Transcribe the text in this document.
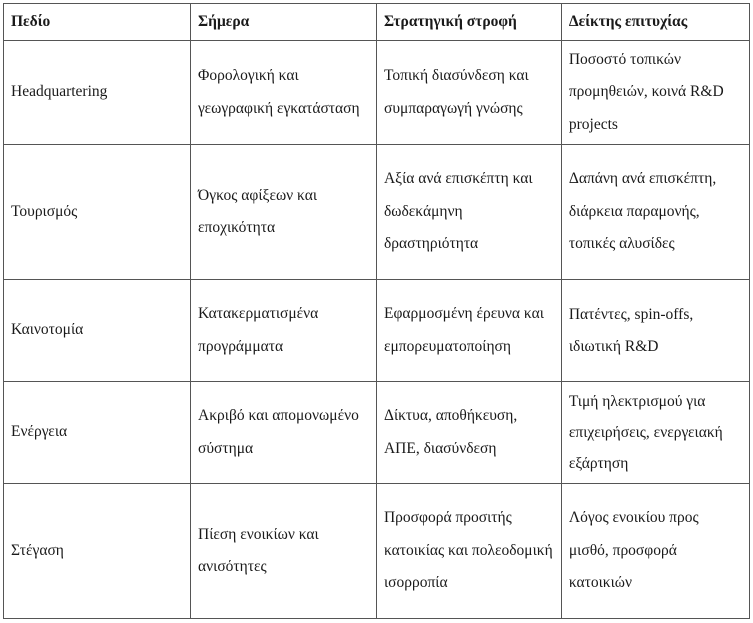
Πεδίο	Σήμερα	Στρατηγική στροφή	Δείκτης επιτυχίας
Headquartering	Φορολογική και γεωγραφική εγκατάσταση	Τοπική διασύνδεση και συμπαραγωγή γνώσης	Ποσοστό τοπικών προμηθειών, κοινά R&D projects
Τουρισμός	Όγκος αφίξεων και εποχικότητα	Αξία ανά επισκέπτη και δωδεκάμηνη δραστηριότητα	Δαπάνη ανά επισκέπτη, διάρκεια παραμονής, τοπικές αλυσίδες
Καινοτομία	Κατακερματισμένα προγράμματα	Εφαρμοσμένη έρευνα και εμπορευματοποίηση	Πατέντες, spin-offs, ιδιωτική R&D
Ενέργεια	Ακριβό και απομονωμένο σύστημα	Δίκτυα, αποθήκευση, ΑΠΕ, διασύνδεση	Τιμή ηλεκτρισμού για επιχειρήσεις, ενεργειακή εξάρτηση
Στέγαση	Πίεση ενοικίων και ανισότητες	Προσφορά προσιτής κατοικίας και πολεοδομική ισορροπία	Λόγος ενοικίου προς μισθό, προσφορά κατοικιών
